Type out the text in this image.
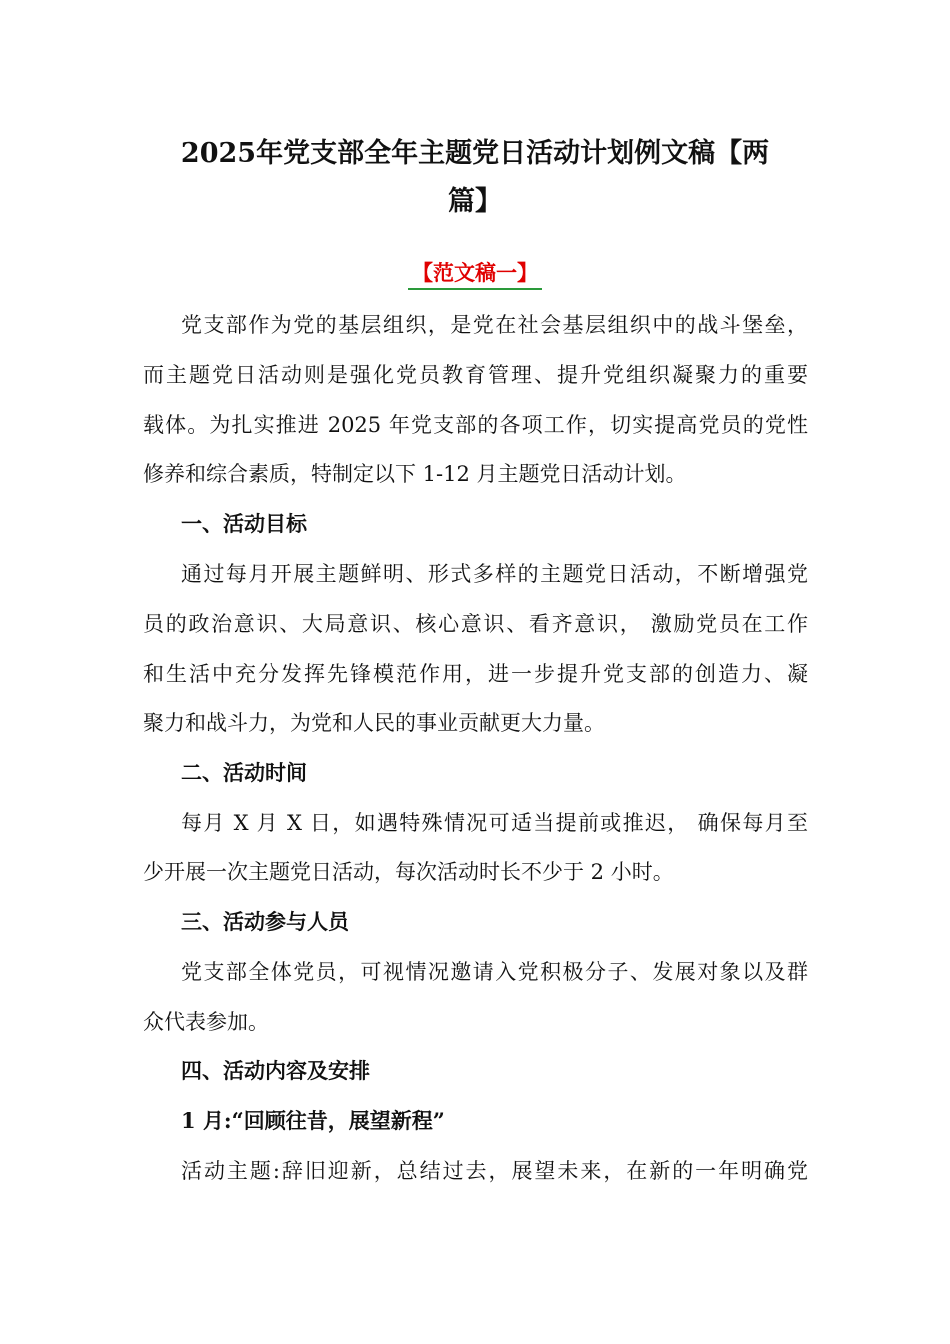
2025年党支部全年主题党日活动计划例文稿【两
篇】
【范文稿一】
党支部作为党的基层组织，是党在社会基层组织中的战斗堡垒，
而主题党日活动则是强化党员教育管理、提升党组织凝聚力的重要
载体。为扎实推进 2025 年党支部的各项工作，切实提高党员的党性
修养和综合素质，特制定以下 1-12 月主题党日活动计划。
一、活动目标
通过每月开展主题鲜明、形式多样的主题党日活动，不断增强党
员的政治意识、大局意识、核心意识、看齐意识， 激励党员在工作
和生活中充分发挥先锋模范作用，进一步提升党支部的创造力、凝
聚力和战斗力，为党和人民的事业贡献更大力量。
二、活动时间
每月 X 月 X 日，如遇特殊情况可适当提前或推迟， 确保每月至
少开展一次主题党日活动，每次活动时长不少于 2 小时。
三、活动参与人员
党支部全体党员，可视情况邀请入党积极分子、发展对象以及群
众代表参加。
四、活动内容及安排
1 月:“回顾往昔，展望新程”
活动主题:辞旧迎新，总结过去，展望未来，在新的一年明确党
